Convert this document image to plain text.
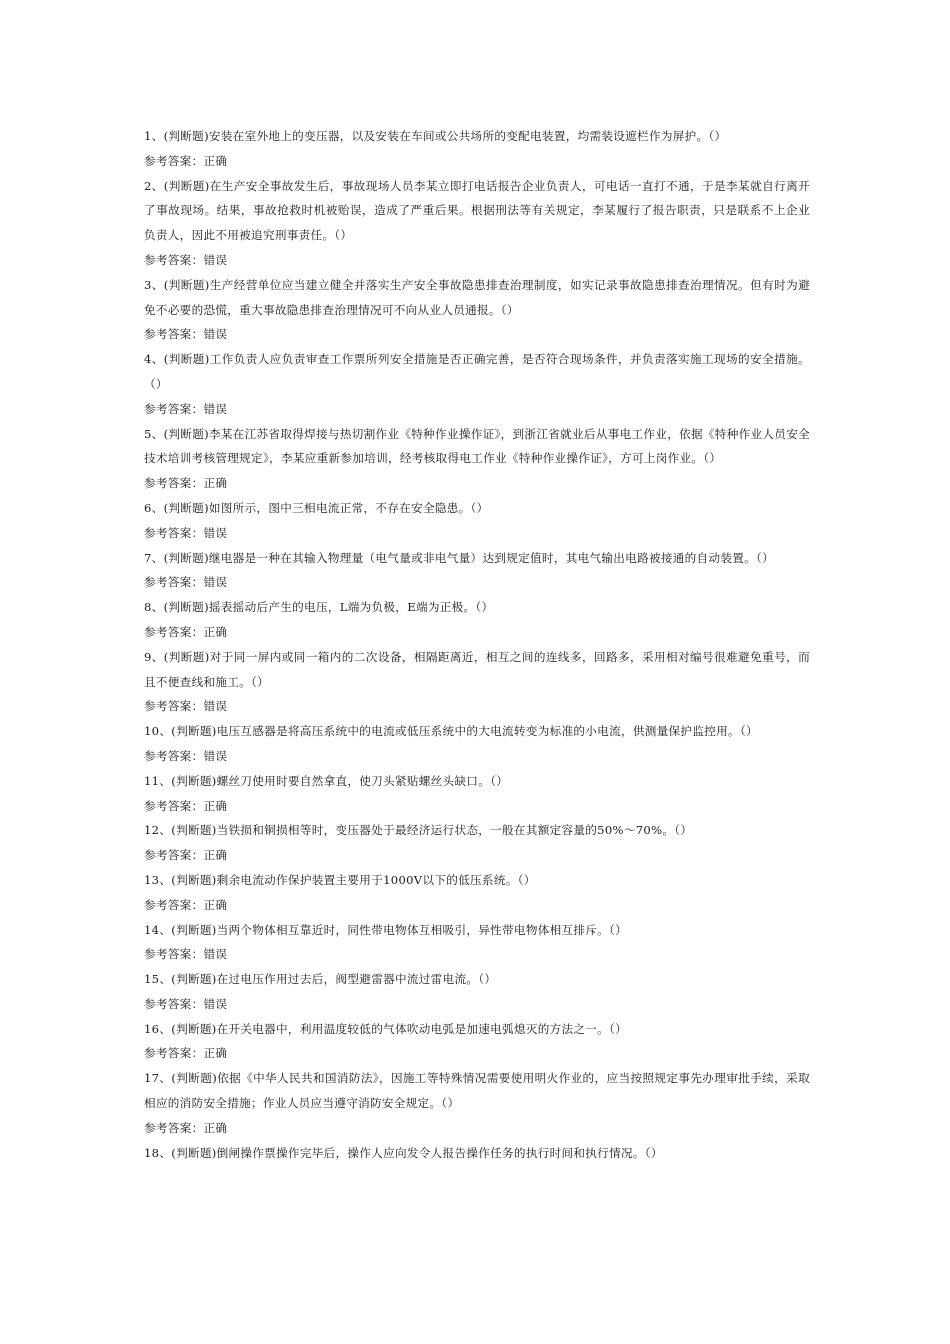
1、(判断题)安装在室外地上的变压器，以及安装在车间或公共场所的变配电装置，均需装设遮栏作为屏护。（）

参考答案：正确

2、(判断题)在生产安全事故发生后，事故现场人员李某立即打电话报告企业负责人，可电话一直打不通，于是李某就自行离开了事故现场。结果，事故抢救时机被贻误，造成了严重后果。根据刑法等有关规定，李某履行了报告职责，只是联系不上企业负责人，因此不用被追究刑事责任。（）

参考答案：错误

3、(判断题)生产经营单位应当建立健全并落实生产安全事故隐患排查治理制度，如实记录事故隐患排查治理情况。但有时为避免不必要的恐慌，重大事故隐患排查治理情况可不向从业人员通报。（）

参考答案：错误

4、(判断题)工作负责人应负责审查工作票所列安全措施是否正确完善，是否符合现场条件，并负责落实施工现场的安全措施。（）

参考答案：错误

5、(判断题)李某在江苏省取得焊接与热切割作业《特种作业操作证》，到浙江省就业后从事电工作业，依据《特种作业人员安全技术培训考核管理规定》，李某应重新参加培训，经考核取得电工作业《特种作业操作证》，方可上岗作业。（）

参考答案：正确

6、(判断题)如图所示，图中三相电流正常，不存在安全隐患。（）

参考答案：错误

7、(判断题)继电器是一种在其输入物理量（电气量或非电气量）达到规定值时，其电气输出电路被接通的自动装置。（）

参考答案：错误

8、(判断题)摇表摇动后产生的电压，L端为负极，E端为正极。（）

参考答案：正确

9、(判断题)对于同一屏内或同一箱内的二次设备，相隔距离近，相互之间的连线多，回路多，采用相对编号很难避免重号，而且不便查线和施工。（）

参考答案：错误

10、(判断题)电压互感器是将高压系统中的电流或低压系统中的大电流转变为标准的小电流，供测量保护监控用。（）

参考答案：错误

11、(判断题)螺丝刀使用时要自然拿直，使刀头紧贴螺丝头缺口。（）

参考答案：正确

12、(判断题)当铁损和铜损相等时，变压器处于最经济运行状态，一般在其额定容量的50%～70%。（）

参考答案：正确

13、(判断题)剩余电流动作保护装置主要用于1000V以下的低压系统。（）

参考答案：正确

14、(判断题)当两个物体相互靠近时，同性带电物体互相吸引，异性带电物体相互排斥。（）

参考答案：错误

15、(判断题)在过电压作用过去后，阀型避雷器中流过雷电流。（）

参考答案：错误

16、(判断题)在开关电器中，利用温度较低的气体吹动电弧是加速电弧熄灭的方法之一。（）

参考答案：正确

17、(判断题)依据《中华人民共和国消防法》，因施工等特殊情况需要使用明火作业的，应当按照规定事先办理审批手续，采取相应的消防安全措施；作业人员应当遵守消防安全规定。（）

参考答案：正确

18、(判断题)倒闸操作票操作完毕后，操作人应向发令人报告操作任务的执行时间和执行情况。（）
